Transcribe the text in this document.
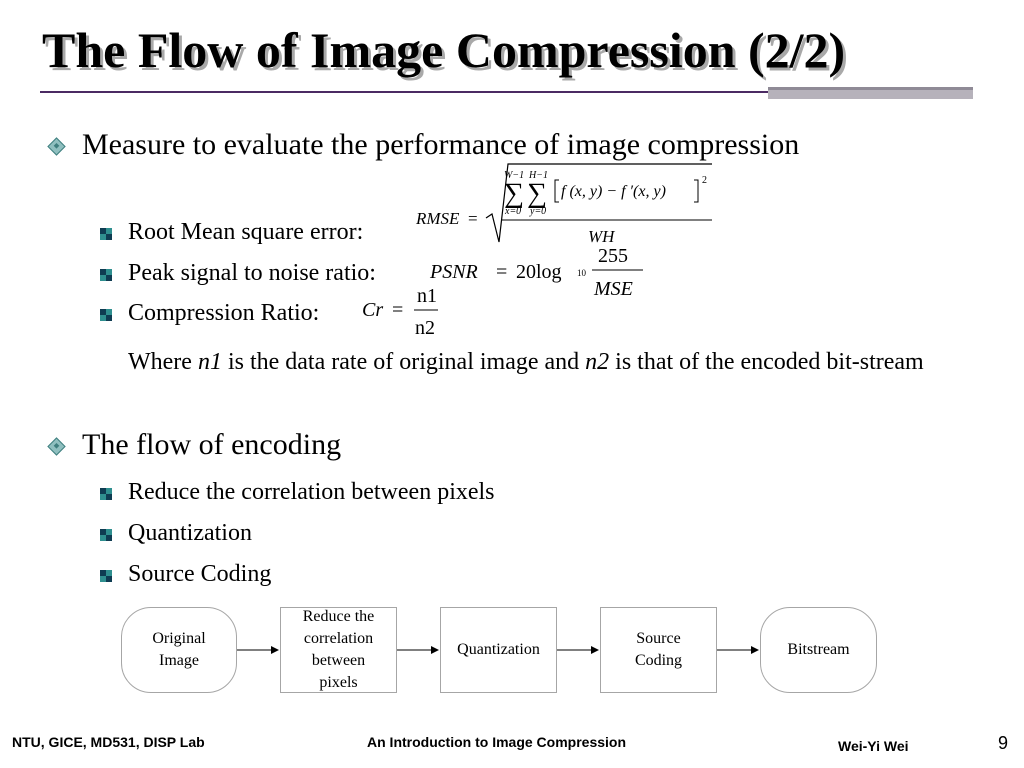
The Flow of Image Compression (2/2)
Measure to evaluate the performance of image compression
Root Mean square error:
RMSE =
W−1 H−1
∑ ∑
x=0 y=0
f (x, y) − f ′(x, y)
2
WH
Peak signal to noise ratio:	PSNR = 20log 10
255
MSE
Compression Ratio: Cr =
n1
n2
Where n1 is the data rate of original image and n2 is that of the encoded bit-stream
The flow of encoding
Reduce the correlation between pixels
Quantization
Source Coding
Original
Image
Reduce the
correlation
between
pixels
Quantization
Source
Coding
Bitstream
NTU, GICE, MD531, DISP Lab	An Introduction to Image Compression	Wei-Yi Wei	9
